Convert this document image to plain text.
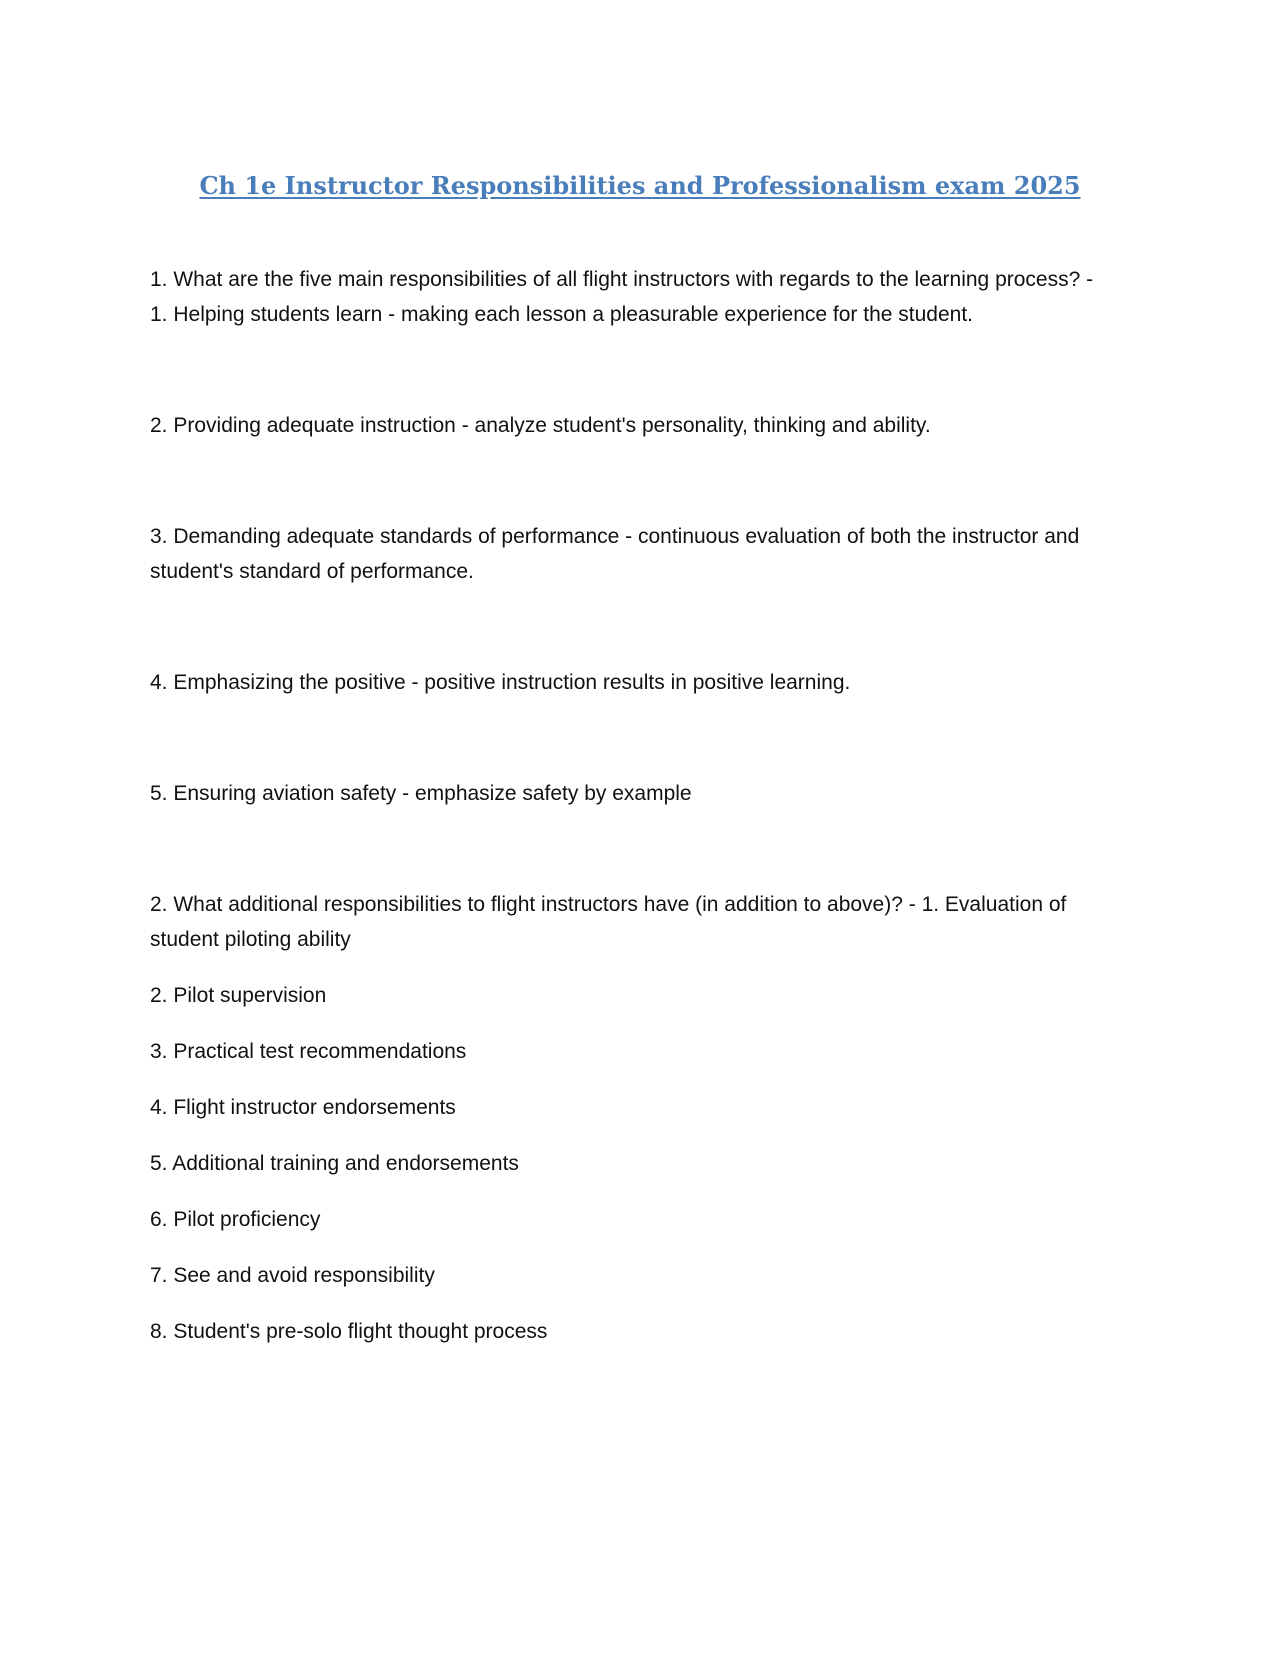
Ch 1e Instructor Responsibilities and Professionalism exam 2025

1. What are the five main responsibilities of all flight instructors with regards to the learning process? - 1. Helping students learn - making each lesson a pleasurable experience for the student.

2. Providing adequate instruction - analyze student's personality, thinking and ability.

3. Demanding adequate standards of performance - continuous evaluation of both the instructor and student's standard of performance.

4. Emphasizing the positive - positive instruction results in positive learning.

5. Ensuring aviation safety - emphasize safety by example

2. What additional responsibilities to flight instructors have (in addition to above)? - 1. Evaluation of student piloting ability

2. Pilot supervision

3. Practical test recommendations

4. Flight instructor endorsements

5. Additional training and endorsements

6. Pilot proficiency

7. See and avoid responsibility

8. Student's pre-solo flight thought process
